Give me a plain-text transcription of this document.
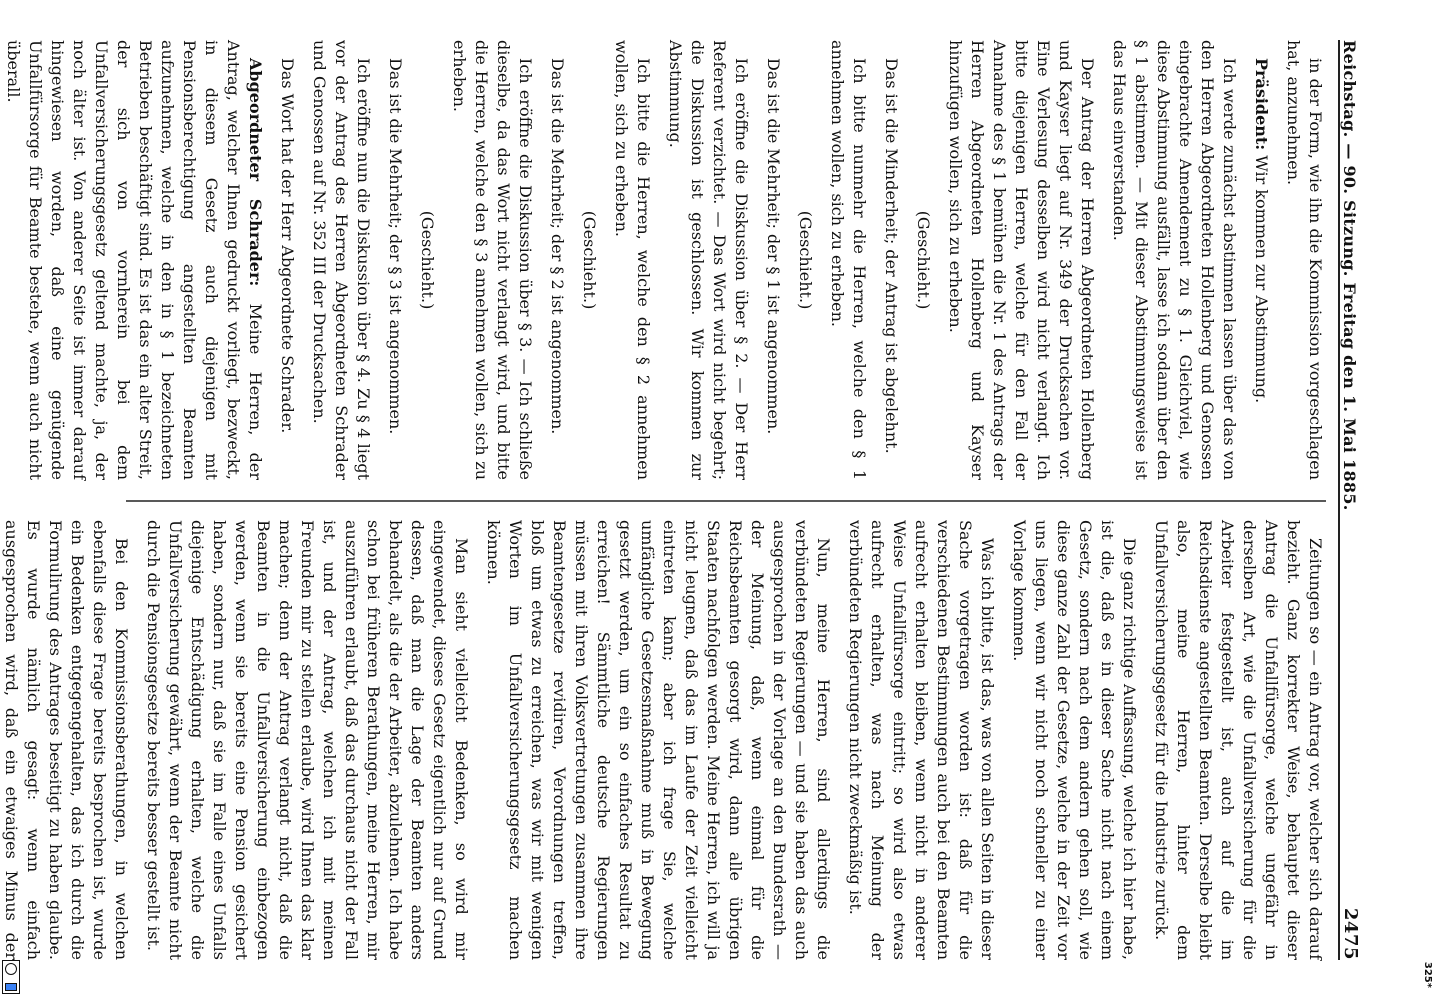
Reichstag. — 90. Sitzung. Freitag den 1. Mai 1885.
2475

in der Form, wie ihn die Kommission vorgeschlagen hat, anzunehmen.

Präsident: Wir kommen zur Abstimmung.

Ich werde zunächst abstimmen lassen über das von den Herren Abgeordneten Hollenberg und Genossen eingebrachte Amendement zu § 1. Gleichviel, wie diese Abstimmung ausfällt, lasse ich sodann über den § 1 abstimmen. — Mit dieser Abstimmungsweise ist das Haus einverstanden.

Der Antrag der Herren Abgeordneten Hollenberg und Kayser liegt auf Nr. 349 der Drucksachen vor. Eine Verlesung desselben wird nicht verlangt. Ich bitte diejenigen Herren, welche für den Fall der Annahme des § 1 bemühen die Nr. 1 des Antrags der Herren Abgeordneten Hollenberg und Kayser hinzufügen wollen, sich zu erheben.

(Geschieht.)

Das ist die Minderheit; der Antrag ist abgelehnt.

Ich bitte nunmehr die Herren, welche den § 1 annehmen wollen, sich zu erheben.

(Geschieht.)

Das ist die Mehrheit; der § 1 ist angenommen.

Ich eröffne die Diskussion über § 2. — Der Herr Referent verzichtet. — Das Wort wird nicht begehrt; die Diskussion ist geschlossen. Wir kommen zur Abstimmung.

Ich bitte die Herren, welche den § 2 annehmen wollen, sich zu erheben.

(Geschieht.)

Das ist die Mehrheit; der § 2 ist angenommen.

Ich eröffne die Diskussion über § 3. — Ich schließe dieselbe, da das Wort nicht verlangt wird, und bitte die Herren, welche den § 3 annehmen wollen, sich zu erheben.

(Geschieht.)

Das ist die Mehrheit; der § 3 ist angenommen.

Ich eröffne nun die Diskussion über § 4. Zu § 4 liegt vor der Antrag des Herren Abgeordneten Schrader und Genossen auf Nr. 352 III der Drucksachen.

Das Wort hat der Herr Abgeordnete Schrader.

Abgeordneter Schrader: Meine Herren, der Antrag, welcher Ihnen gedruckt vorliegt, bezweckt, in diesem Gesetz auch diejenigen mit Pensionsberechtigung angestellten Beamten aufzunehmen, welche in den in § 1 bezeichneten Betrieben beschäftigt sind. Es ist das ein alter Streit, der sich von vornherein bei dem Unfallversicherungsgesetz geltend machte, ja, der noch älter ist. Von anderer Seite ist immer darauf hingewiesen worden, daß eine genügende Unfallfürsorge für Beamte bestehe, wenn auch nicht überall.

Zeitungen so — ein Antrag vor, welcher sich darauf bezieht. Ganz korrekter Weise, behauptet dieser Antrag die Unfallfürsorge, welche ungefähr in derselben Art, wie die Unfallversicherung für die Arbeiter festgestellt ist, auch auf die im Reichsdienste angestellten Beamten. Derselbe bleibt also, meine Herren, hinter dem Unfallversicherungsgesetz für die Industrie zurück.

Die ganz richtige Auffassung, welche ich hier habe, ist die, daß es in dieser Sache nicht nach einem Gesetz, sondern nach dem andern gehen soll, wie diese ganze Zahl der Gesetze, welche in der Zeit vor uns liegen, wenn wir nicht noch schneller zu einer Vorlage kommen.

Was ich bitte, ist das, was von allen Seiten in dieser Sache vorgetragen worden ist: daß für die verschiedenen Bestimmungen auch bei den Beamten aufrecht erhalten bleiben, wenn nicht in anderer Weise Unfallfürsorge eintritt; so wird also etwas aufrecht erhalten, was nach Meinung der verbündeten Regierungen nicht zweckmäßig ist.

Nun, meine Herren, sind allerdings die verbündeten Regierungen — und sie haben das auch ausgesprochen in der Vorlage an den Bundesrath — der Meinung, daß, wenn einmal für die Reichsbeamten gesorgt wird, dann alle übrigen Staaten nachfolgen werden. Meine Herren, ich will ja nicht leugnen, daß das im Laufe der Zeit vielleicht eintreten kann; aber ich frage Sie, welche umfängliche Gesetzesmaßnahme muß in Bewegung gesetzt werden, um ein so einfaches Resultat zu erreichen! Sämmtliche deutsche Regierungen müssen mit ihren Volksvertretungen zusammen ihre Beamtengesetze revidiren, Verordnungen treffen, bloß um etwas zu erreichen, was wir mit wenigen Worten im Unfallversicherungsgesetz machen können.

Man sieht vielleicht Bedenken, so wird mir eingewendet, dieses Gesetz eigentlich nur auf Grund dessen, daß man die Lage der Beamten anders behandelt, als die der Arbeiter, abzulehnen. Ich habe schon bei früheren Berathungen, meine Herren, mir auszuführen erlaubt, daß das durchaus nicht der Fall ist, und der Antrag, welchen ich mit meinen Freunden mir zu stellen erlaube, wird Ihnen das klar machen; denn der Antrag verlangt nicht, daß die Beamten in die Unfallversicherung einbezogen werden, wenn sie bereits eine Pension gesichert haben, sondern nur, daß sie im Falle eines Unfalls diejenige Entschädigung erhalten, welche die Unfallversicherung gewährt, wenn der Beamte nicht durch die Pensionsgesetze bereits besser gestellt ist.

Bei den Kommissionsberathungen, in welchen ebenfalls diese Frage bereits besprochen ist, wurde ein Bedenken entgegengehalten, das ich durch die Formulirung des Antrages beseitigt zu haben glaube. Es wurde nämlich gesagt: wenn einfach ausgesprochen wird, daß ein etwaiges Minus der

325*
